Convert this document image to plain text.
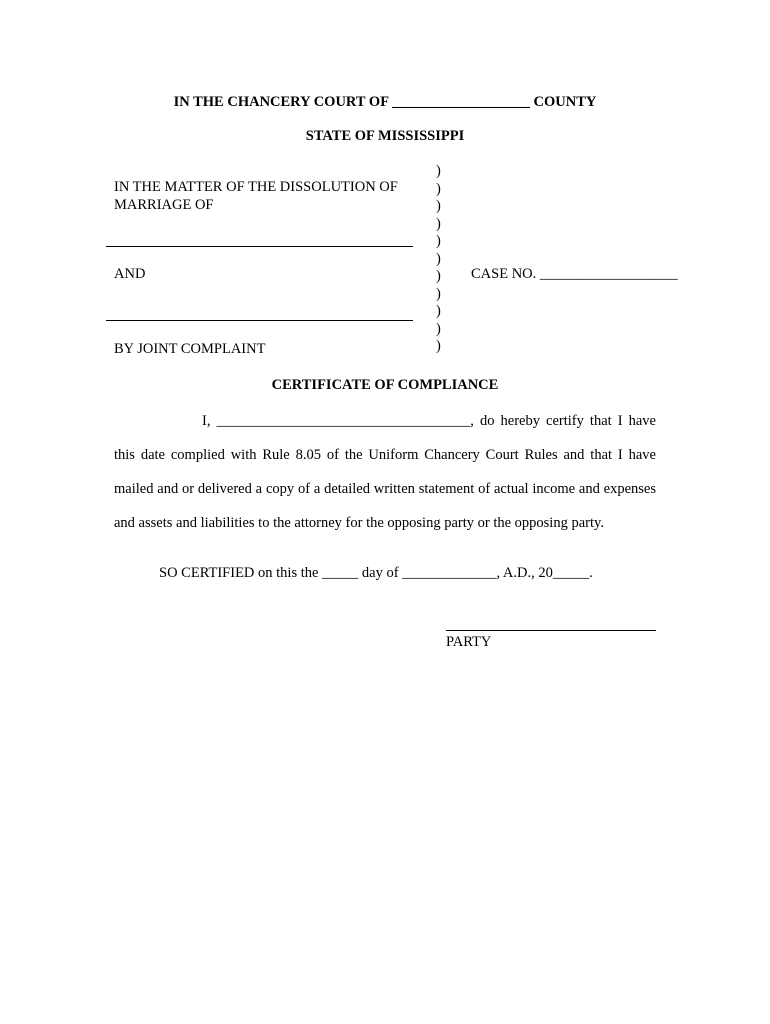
IN THE CHANCERY COURT OF ___________________ COUNTY
STATE OF MISSISSIPPI
IN THE MATTER OF THE DISSOLUTION OF
MARRIAGE OF
AND
BY JOINT COMPLAINT
)
)
)
)
)
)
)
)
)
)
)
CASE NO. ___________________
CERTIFICATE OF COMPLIANCE
I, ___________________________________, do hereby certify that I have
this date complied with Rule 8.05 of the Uniform Chancery Court Rules and that I have
mailed and or delivered a copy of a detailed written statement of actual income and expenses
and assets and liabilities to the attorney for the opposing party or the opposing party.
SO CERTIFIED on this the _____ day of _____________, A.D., 20_____.
PARTY
